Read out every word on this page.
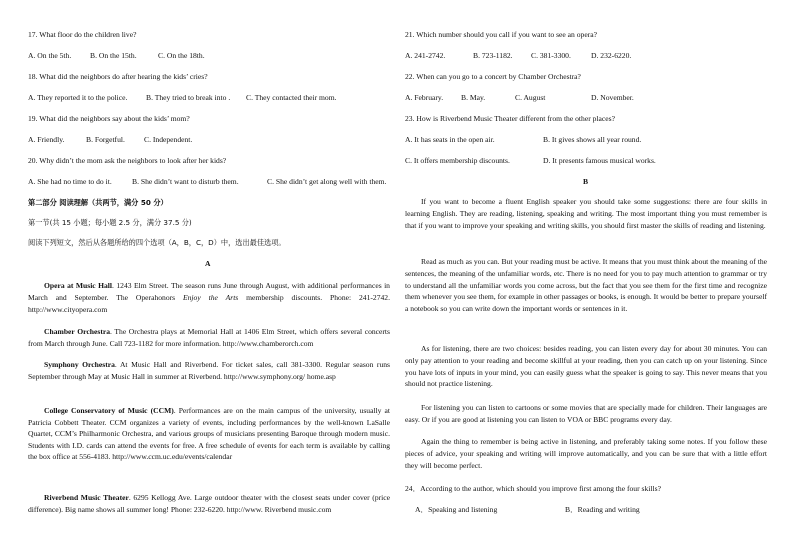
17. What floor do the children live?
A. On the 5th. B. On the 15th.	C. On the 18th.
18. What did the neighbors do after hearing the kids’ cries?
A. They reported it to the police. B. They tried to break into . C. They contacted their mom.
19. What did the neighbors say about the kids’ mom?
A. Friendly.	B. Forgetful.	C. Independent.
20. Why didn’t the mom ask the neighbors to look after her kids?
A. She had no time to do it.	B. She didn’t want to disturb them.	C. She didn’t get along well with them.
第二部分 阅读理解（共两节，满分 50 分）
第一节(共 15 小题；每小题 2.5 分，满分 37.5 分)
阅读下列短文，然后从各题所给的四个选项（A，B，C，D）中，选出最佳选项。
A
Opera at Music Hall. 1243 Elm Street. The season runs June through August, with additional performances in March and September. The Operahonors Enjoy the Arts membership discounts. Phone: 241-2742. http://www.cityopera.com
Chamber Orchestra. The Orchestra plays at Memorial Hall at 1406 Elm Street, which offers several concerts from March through June. Call 723-1182 for more information. http://www.chamberorch.com
Symphony Orchestra. At Music Hall and Riverbend. For ticket sales, call 381-3300. Regular season runs September through May at Music Hall in summer at Riverbend. http://www.symphony.org/ home.asp
College Conservatory of Music (CCM). Performances are on the main campus of the university, usually at Patricia Cobbett Theater. CCM organizes a variety of events, including performances by the well-known LaSalle Quartet, CCM’s Philharmonic Orchestra, and various groups of musicians presenting Baroque through modern music. Students with I.D. cards can attend the events for free. A free schedule of events for each term is available by calling the box office at 556-4183. http://www.ccm.uc.edu/events/calendar
Riverbend Music Theater. 6295 Kellogg Ave. Large outdoor theater with the closest seats under cover (price difference). Big name shows all summer long! Phone: 232-6220. http://www. Riverbend music.com
21. Which number should you call if you want to see an opera?
A. 241-2742.	B. 723-1182. C. 381-3300.	D. 232-6220.
22. When can you go to a concert by Chamber Orchestra?
A. February. B. May.	C. August	D. November.
23. How is Riverbend Music Theater different from the other places?
A. It has seats in the open air.	B. It gives shows all year round.
C. It offers membership discounts.	D. It presents famous musical works.
B
If you want to become a fluent English speaker you should take some suggestions: there are four skills in learning English. They are reading, listening, speaking and writing. The most important thing you must remember is that if you want to improve your speaking and writing skills, you should first master the skills of reading and listening.
Read as much as you can. But your reading must be active. It means that you must think about the meaning of the sentences, the meaning of the unfamiliar words, etc. There is no need for you to pay much attention to grammar or try to understand all the unfamiliar words you come across, but the fact that you see them for the first time and recognize them whenever you see them, for example in other passages or books, is enough. It would be better to prepare yourself a notebook so you can write down the important words or sentences in it.
As for listening, there are two choices: besides reading, you can listen every day for about 30 minutes. You can only pay attention to your reading and become skillful at your reading, then you can catch up on your listening. Since you have lots of inputs in your mind, you can easily guess what the speaker is going to say. This never means that you should not practice listening.
For listening you can listen to cartoons or some movies that are specially made for children. Their languages are easy. Or if you are good at listening you can listen to VOA or BBC programs every day.
Again the thing to remember is being active in listening, and preferably taking some notes. If you follow these pieces of advice, your speaking and writing will improve automatically, and you can be sure that with a little effort they will become perfect.
24．According to the author, which should you improve first among the four skills?
A．Speaking and listening	B．Reading and writing
